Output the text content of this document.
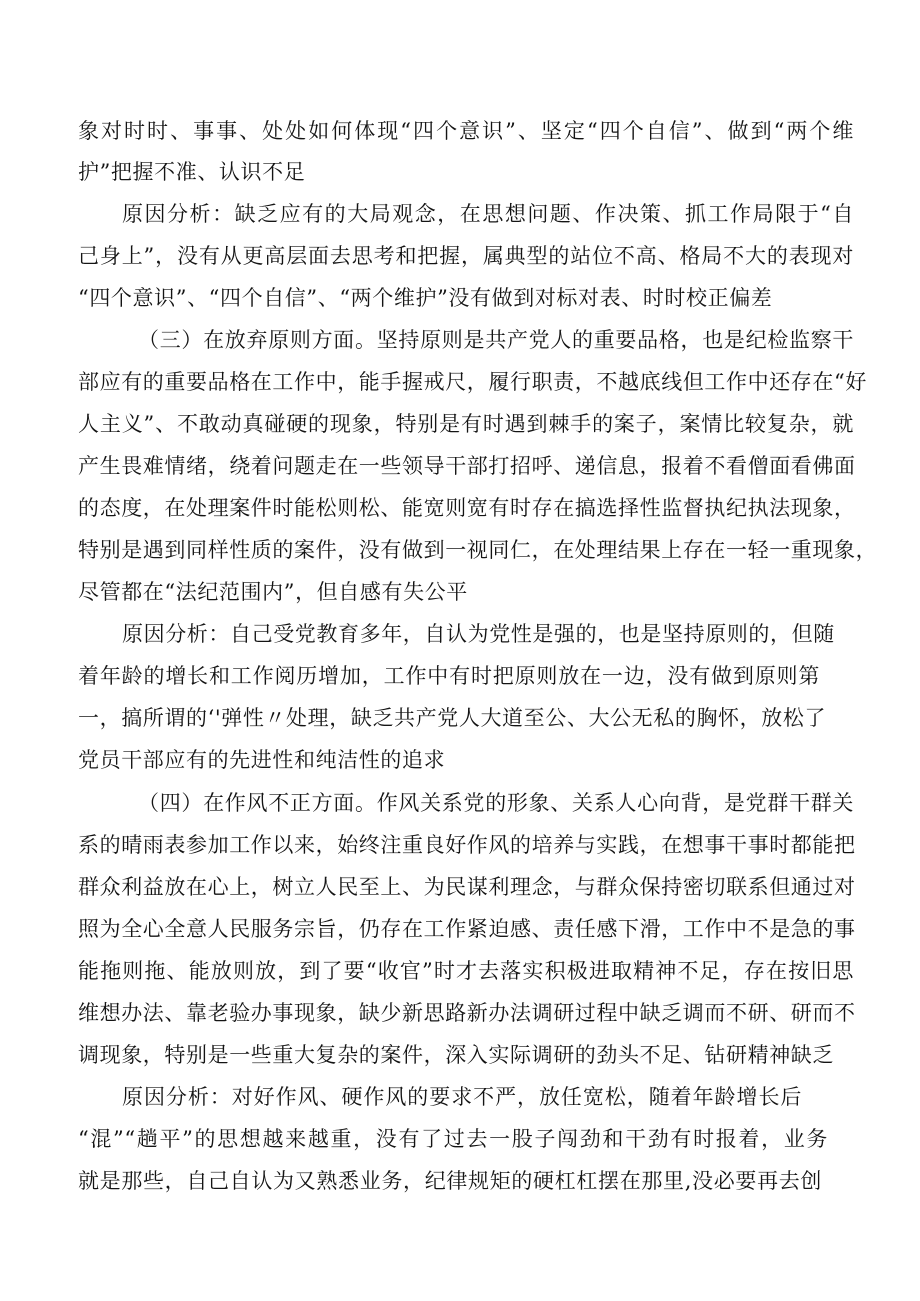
象对时时、事事、处处如何体现“四个意识”、坚定“四个自信”、做到“两个维
护”把握不准、认识不足
原因分析：缺乏应有的大局观念，在思想问题、作决策、抓工作局限于“自
己身上”，没有从更高层面去思考和把握，属典型的站位不高、格局不大的表现对
“四个意识”、“四个自信”、“两个维护”没有做到对标对表、时时校正偏差
（三）在放弃原则方面。坚持原则是共产党人的重要品格，也是纪检监察干
部应有的重要品格在工作中，能手握戒尺，履行职责，不越底线但工作中还存在“好
人主义”、不敢动真碰硬的现象，特别是有时遇到棘手的案子，案情比较复杂，就
产生畏难情绪，绕着问题走在一些领导干部打招呼、递信息，报着不看僧面看佛面
的态度，在处理案件时能松则松、能宽则宽有时存在搞选择性监督执纪执法现象，
特别是遇到同样性质的案件，没有做到一视同仁，在处理结果上存在一轻一重现象，
尽管都在“法纪范围内”，但自感有失公平
原因分析：自己受党教育多年，自认为党性是强的，也是坚持原则的，但随
着年龄的增长和工作阅历增加，工作中有时把原则放在一边，没有做到原则第
一，搞所谓的‘'弹性〃处理，缺乏共产党人大道至公、大公无私的胸怀，放松了
党员干部应有的先进性和纯洁性的追求
（四）在作风不正方面。作风关系党的形象、关系人心向背，是党群干群关
系的晴雨表参加工作以来，始终注重良好作风的培养与实践，在想事干事时都能把
群众利益放在心上，树立人民至上、为民谋利理念，与群众保持密切联系但通过对
照为全心全意人民服务宗旨，仍存在工作紧迫感、责任感下滑，工作中不是急的事
能拖则拖、能放则放，到了要“收官”时才去落实积极进取精神不足，存在按旧思
维想办法、靠老验办事现象，缺少新思路新办法调研过程中缺乏调而不研、研而不
调现象，特别是一些重大复杂的案件，深入实际调研的劲头不足、钻研精神缺乏
原因分析：对好作风、硬作风的要求不严，放任宽松，随着年龄增长后
“混”“趟平”的思想越来越重，没有了过去一股子闯劲和干劲有时报着，业务
就是那些，自己自认为又熟悉业务，纪律规矩的硬杠杠摆在那里,没必要再去创
